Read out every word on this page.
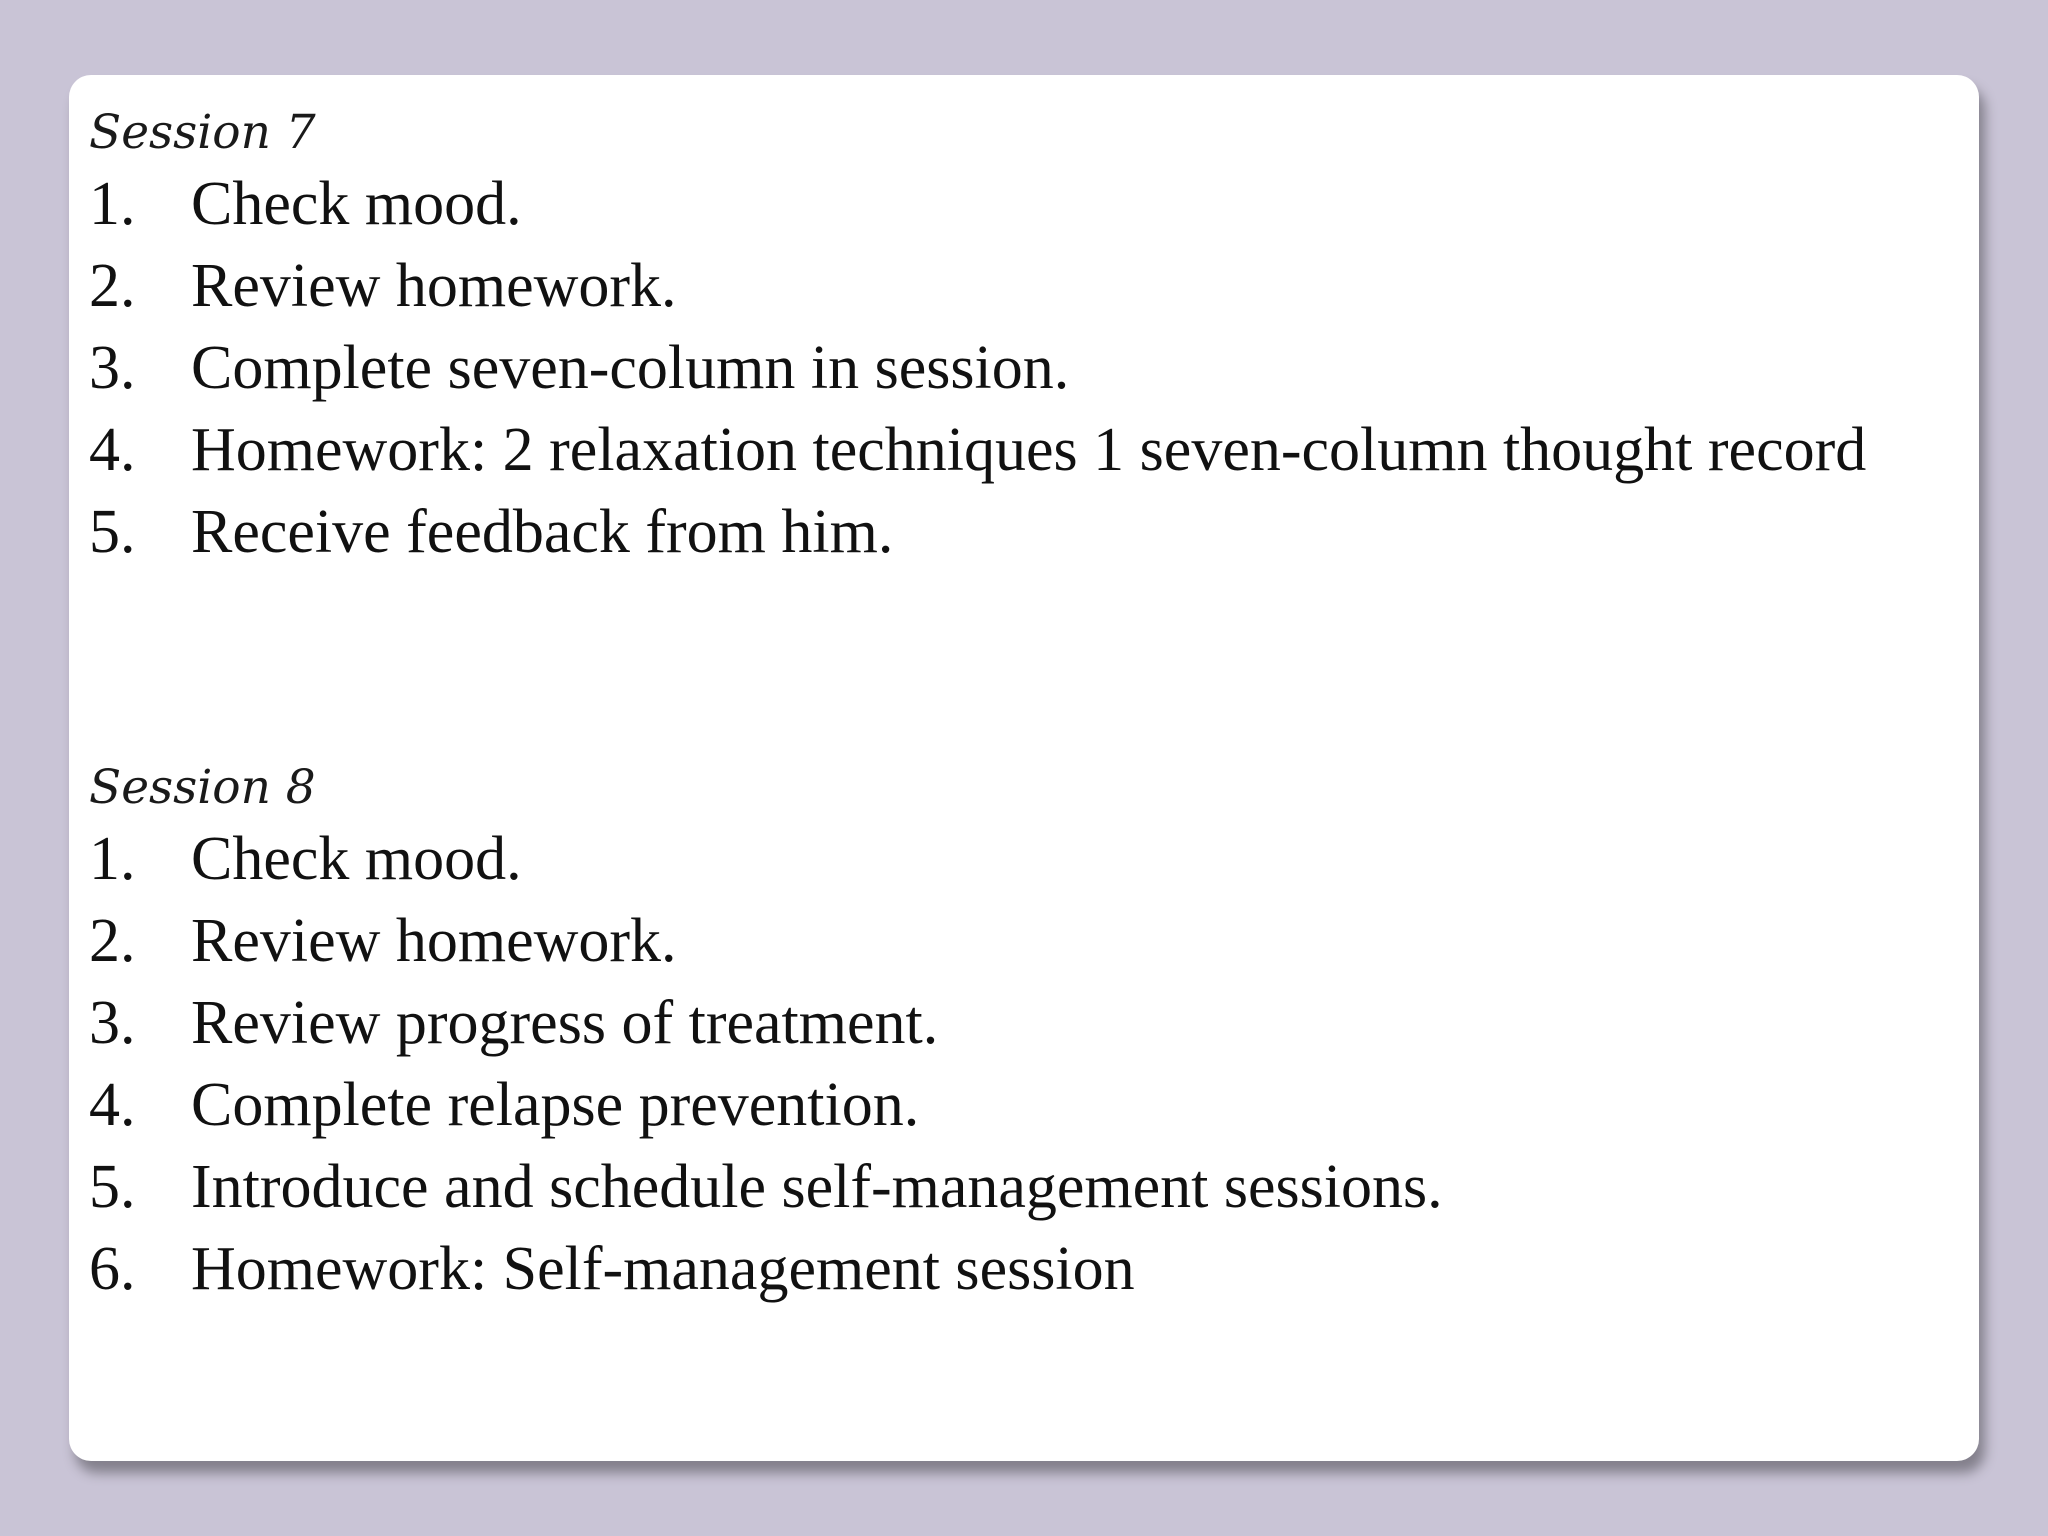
Session 7
1. Check mood.
2. Review homework.
3. Complete seven-column in session.
4. Homework: 2 relaxation techniques 1 seven-column thought record
5. Receive feedback from him.
Session 8
1. Check mood.
2. Review homework.
3. Review progress of treatment.
4. Complete relapse prevention.
5. Introduce and schedule self-management sessions.
6. Homework: Self-management session
